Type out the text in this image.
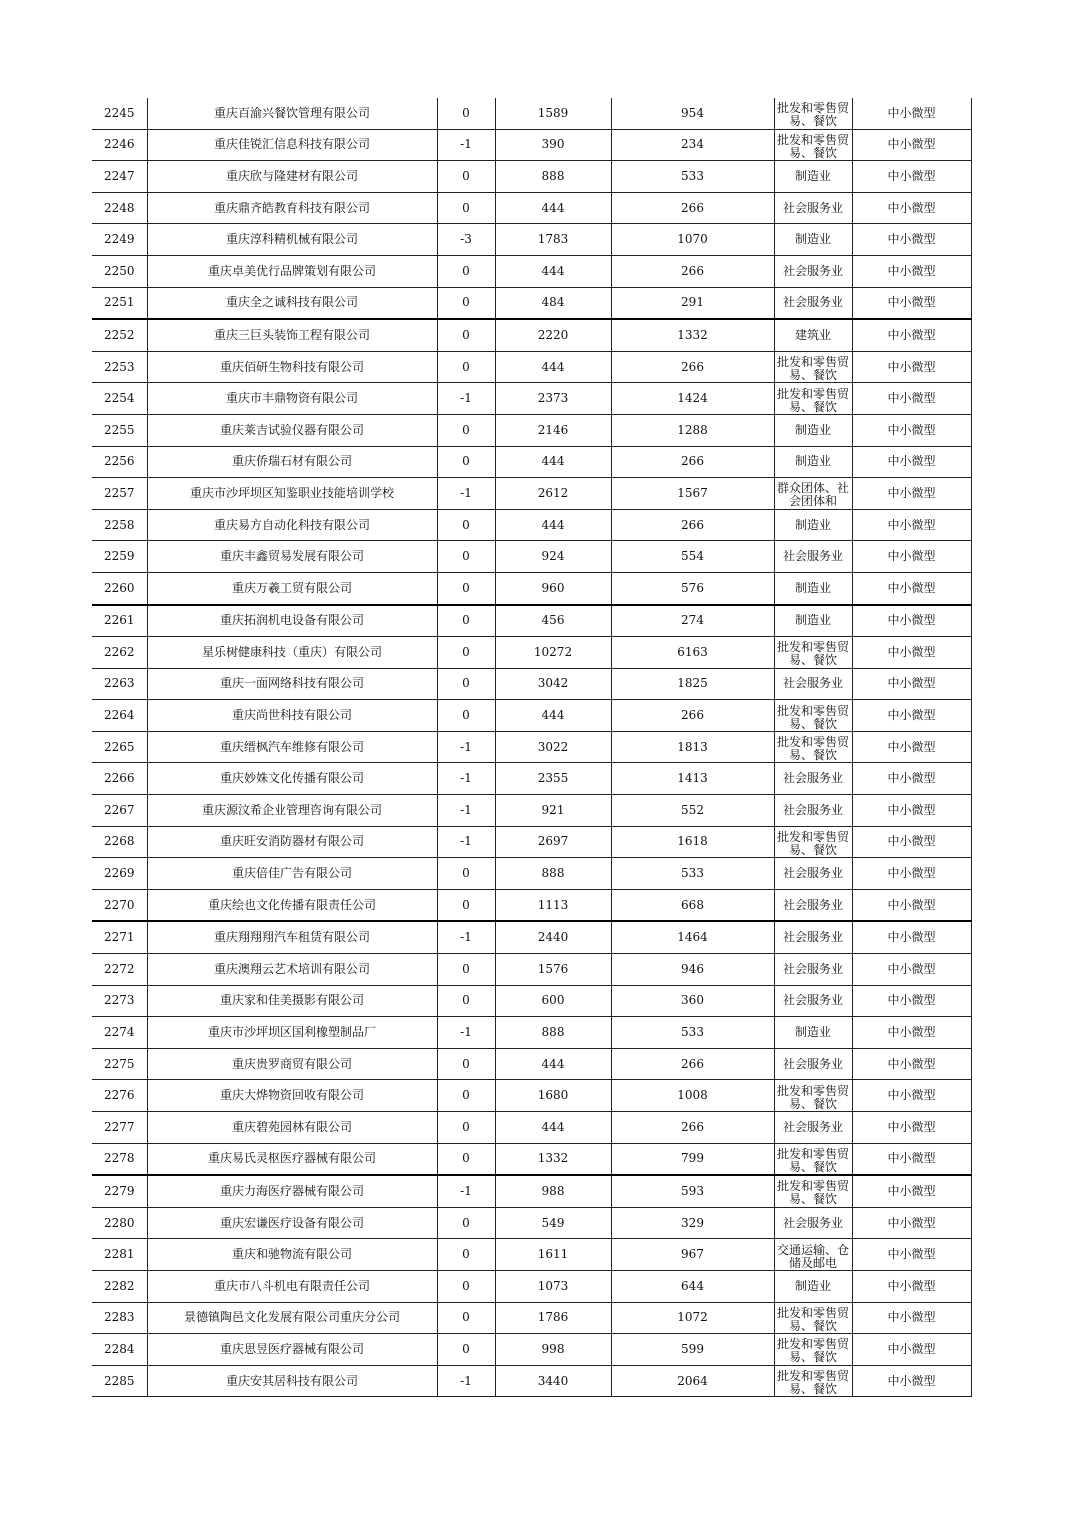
2245	重庆百渝兴餐饮管理有限公司	0	1589	954	批发和零售贸易、餐饮	中小微型
2246	重庆佳锐汇信息科技有限公司	-1	390	234	批发和零售贸易、餐饮	中小微型
2247	重庆欣与隆建材有限公司	0	888	533	制造业	中小微型
2248	重庆鼎齐皓教育科技有限公司	0	444	266	社会服务业	中小微型
2249	重庆淳科精机械有限公司	-3	1783	1070	制造业	中小微型
2250	重庆卓美优行品牌策划有限公司	0	444	266	社会服务业	中小微型
2251	重庆全之诚科技有限公司	0	484	291	社会服务业	中小微型
2252	重庆三巨头装饰工程有限公司	0	2220	1332	建筑业	中小微型
2253	重庆佰研生物科技有限公司	0	444	266	批发和零售贸易、餐饮	中小微型
2254	重庆市丰鼎物资有限公司	-1	2373	1424	批发和零售贸易、餐饮	中小微型
2255	重庆莱吉试验仪器有限公司	0	2146	1288	制造业	中小微型
2256	重庆侨瑞石材有限公司	0	444	266	制造业	中小微型
2257	重庆市沙坪坝区知鉴职业技能培训学校	-1	2612	1567	群众团体、社会团体和	中小微型
2258	重庆易方自动化科技有限公司	0	444	266	制造业	中小微型
2259	重庆丰鑫贸易发展有限公司	0	924	554	社会服务业	中小微型
2260	重庆万羲工贸有限公司	0	960	576	制造业	中小微型
2261	重庆拓润机电设备有限公司	0	456	274	制造业	中小微型
2262	星乐树健康科技（重庆）有限公司	0	10272	6163	批发和零售贸易、餐饮	中小微型
2263	重庆一面网络科技有限公司	0	3042	1825	社会服务业	中小微型
2264	重庆尚世科技有限公司	0	444	266	批发和零售贸易、餐饮	中小微型
2265	重庆缙枫汽车维修有限公司	-1	3022	1813	批发和零售贸易、餐饮	中小微型
2266	重庆妙姝文化传播有限公司	-1	2355	1413	社会服务业	中小微型
2267	重庆源汶希企业管理咨询有限公司	-1	921	552	社会服务业	中小微型
2268	重庆旺安消防器材有限公司	-1	2697	1618	批发和零售贸易、餐饮	中小微型
2269	重庆倍佳广告有限公司	0	888	533	社会服务业	中小微型
2270	重庆绘也文化传播有限责任公司	0	1113	668	社会服务业	中小微型
2271	重庆翔翔翔汽车租赁有限公司	-1	2440	1464	社会服务业	中小微型
2272	重庆澳翔云艺术培训有限公司	0	1576	946	社会服务业	中小微型
2273	重庆家和佳美摄影有限公司	0	600	360	社会服务业	中小微型
2274	重庆市沙坪坝区国利橡塑制品厂	-1	888	533	制造业	中小微型
2275	重庆贵罗商贸有限公司	0	444	266	社会服务业	中小微型
2276	重庆大烨物资回收有限公司	0	1680	1008	批发和零售贸易、餐饮	中小微型
2277	重庆碧苑园林有限公司	0	444	266	社会服务业	中小微型
2278	重庆易氏灵枢医疗器械有限公司	0	1332	799	批发和零售贸易、餐饮	中小微型
2279	重庆力海医疗器械有限公司	-1	988	593	批发和零售贸易、餐饮	中小微型
2280	重庆宏谦医疗设备有限公司	0	549	329	社会服务业	中小微型
2281	重庆和驰物流有限公司	0	1611	967	交通运输、仓储及邮电	中小微型
2282	重庆市八斗机电有限责任公司	0	1073	644	制造业	中小微型
2283	景德镇陶邑文化发展有限公司重庆分公司	0	1786	1072	批发和零售贸易、餐饮	中小微型
2284	重庆思昱医疗器械有限公司	0	998	599	批发和零售贸易、餐饮	中小微型
2285	重庆安其居科技有限公司	-1	3440	2064	批发和零售贸易、餐饮	中小微型
